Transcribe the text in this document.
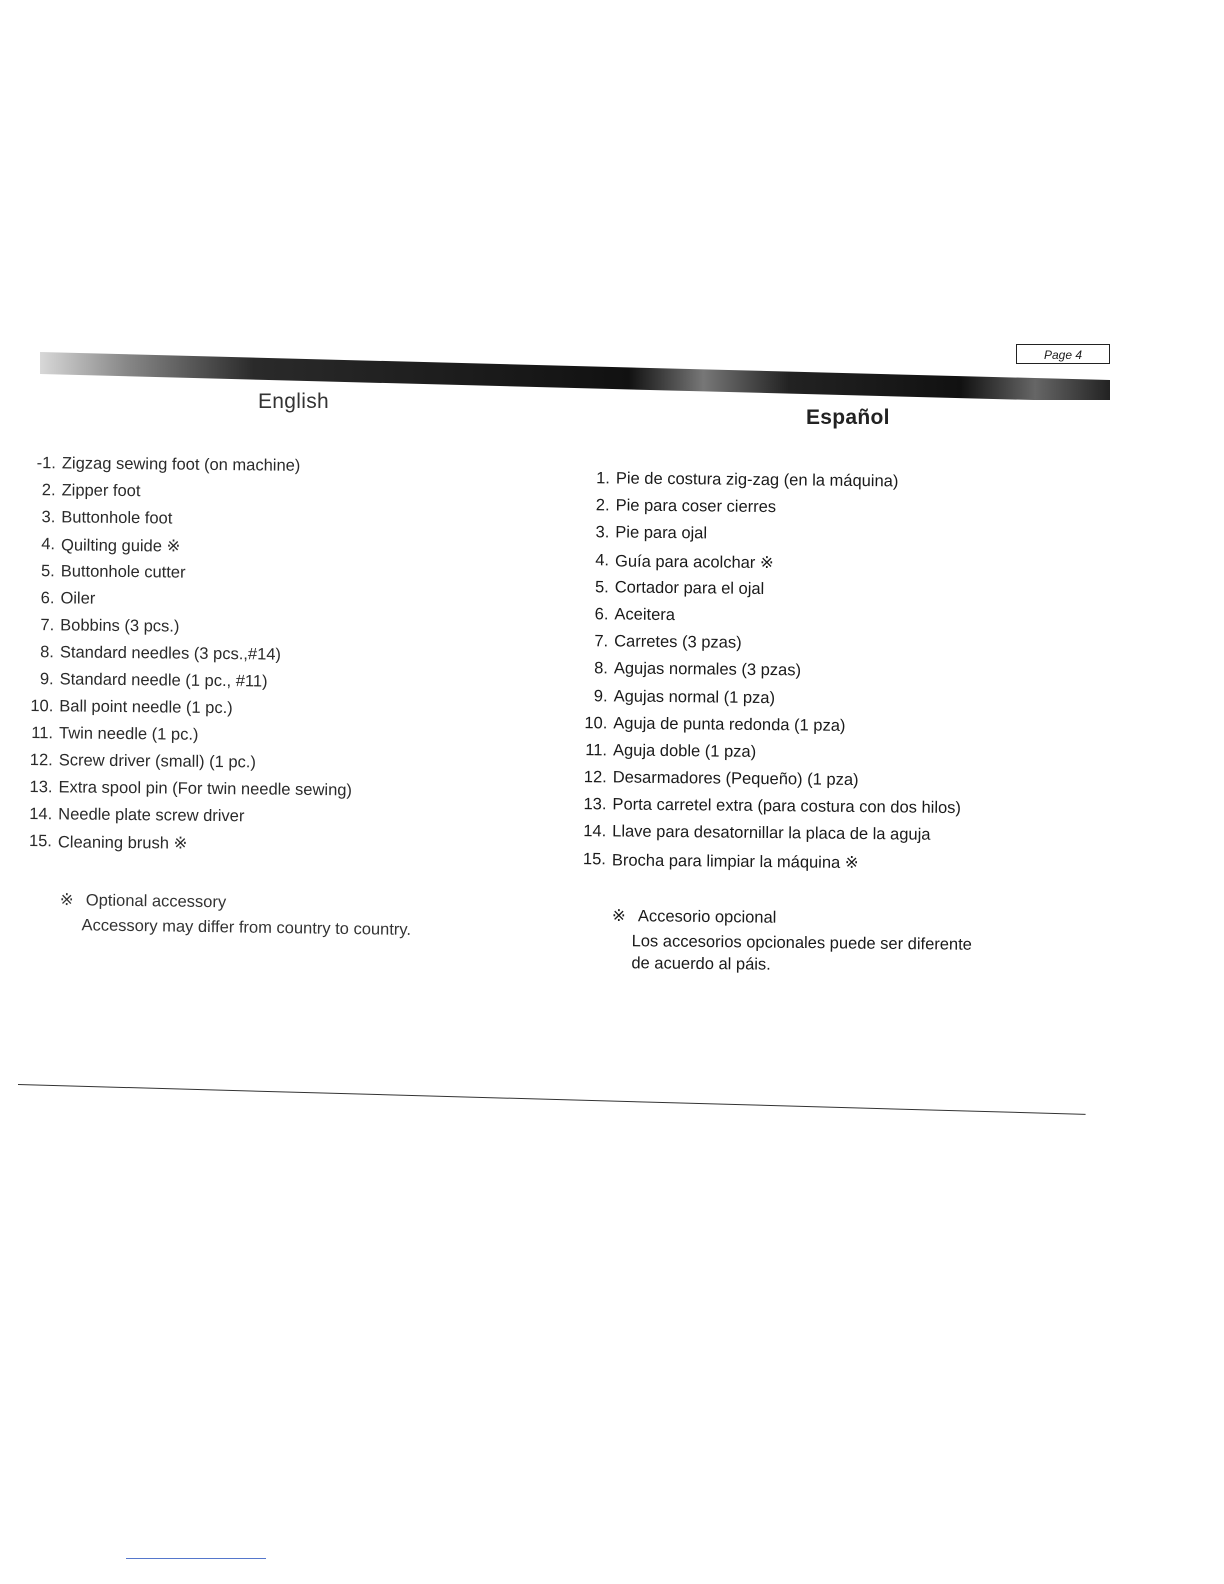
Page 4
English
Español
-1. Zigzag sewing foot (on machine)
2. Zipper foot
3. Buttonhole foot
4. Quilting guide ※
5. Buttonhole cutter
6. Oiler
7. Bobbins (3 pcs.)
8. Standard needles (3 pcs.,#14)
9. Standard needle (1 pc., #11)
10. Ball point needle (1 pc.)
11. Twin needle (1 pc.)
12. Screw driver (small) (1 pc.)
13. Extra spool pin (For twin needle sewing)
14. Needle plate screw driver
15. Cleaning brush ※
1. Pie de costura zig-zag (en la máquina)
2. Pie para coser cierres
3. Pie para ojal
4. Guía para acolchar ※
5. Cortador para el ojal
6. Aceitera
7. Carretes (3 pzas)
8. Agujas normales (3 pzas)
9. Agujas normal (1 pza)
10. Aguja de punta redonda (1 pza)
11. Aguja doble (1 pza)
12. Desarmadores (Pequeño) (1 pza)
13. Porta carretel extra (para costura con dos hilos)
14. Llave para desatornillar la placa de la aguja
15. Brocha para limpiar la máquina ※
※ Optional accessory
Accessory may differ from country to country.
※ Accesorio opcional
Los accesorios opcionales puede ser diferente
de acuerdo al páis.
